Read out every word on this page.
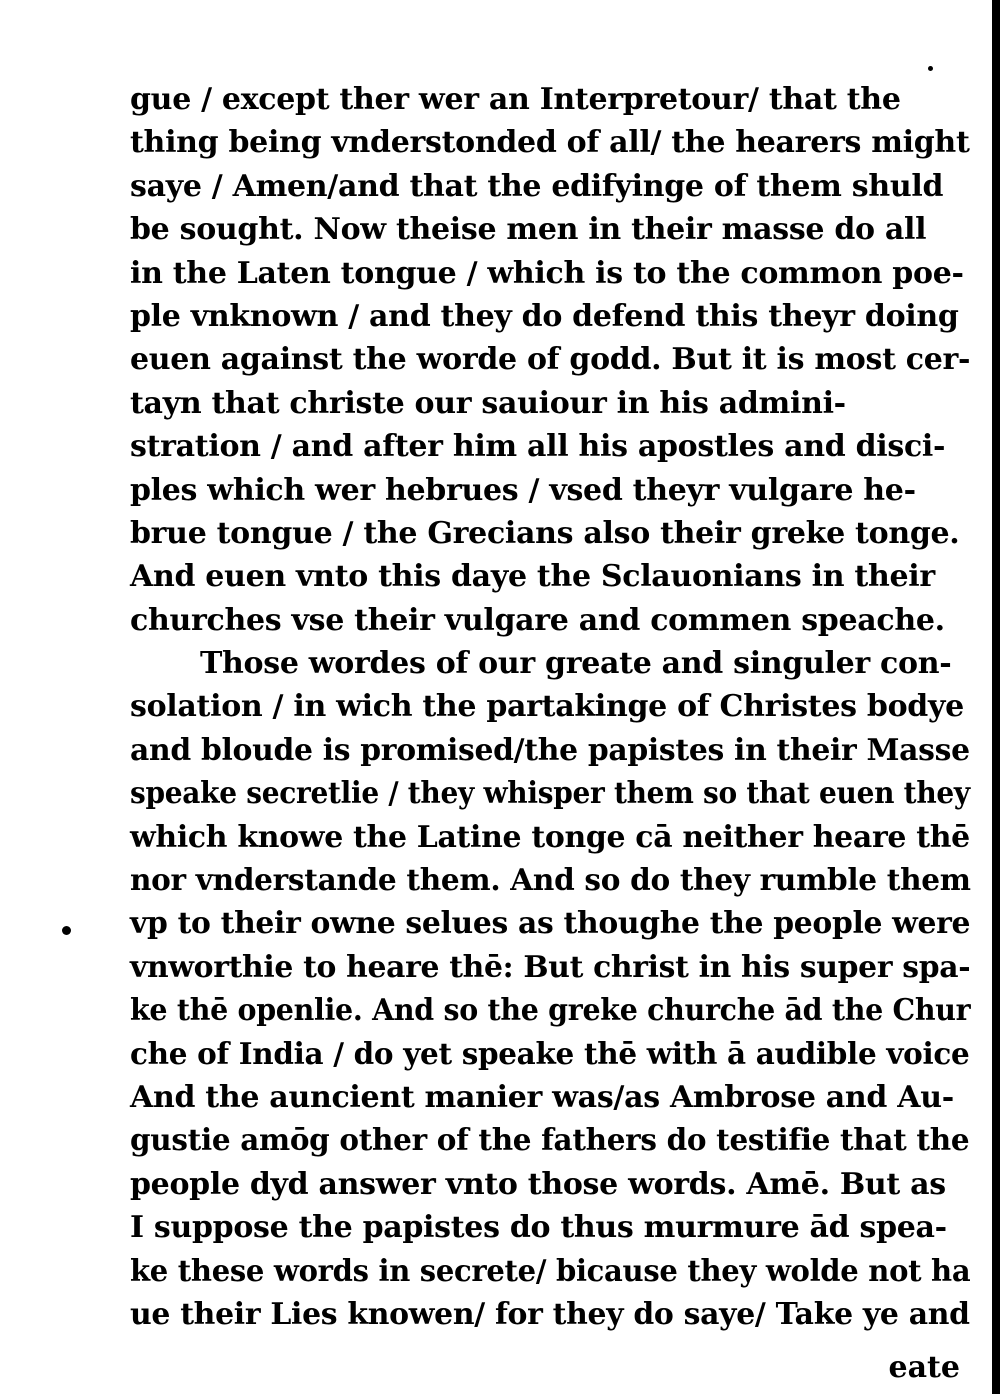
gue / except ther wer an Interpretour/ that the
thing being vnderstonded of all/ the hearers might
saye / Amen/and that the edifyinge of them shuld
be sought. Now theise men in their masse do all
in the Laten tongue / which is to the common poe-
ple vnknown / and they do defend this theyr doing
euen against the worde of godd. But it is most cer-
tayn that christe our sauiour in his admini-
stration / and after him all his apostles and disci-
ples which wer hebrues / vsed theyr vulgare he-
brue tongue / the Grecians also their greke tonge.
And euen vnto this daye the Sclauonians in their
churches vse their vulgare and commen speache.
Those wordes of our greate and singuler con-
solation / in wich the partakinge of Christes bodye
and bloude is promised/the papistes in their Masse
speake secretlie / they whisper them so that euen they
which knowe the Latine tonge cā neither heare thē
nor vnderstande them. And so do they rumble them
vp to their owne selues as thoughe the people were
vnworthie to heare thē: But christ in his super spa-
ke thē openlie. And so the greke churche ād the Chur
che of India / do yet speake thē with ā audible voice
And the auncient manier was/as Ambrose and Au-
gustie amōg other of the fathers do testifie that the
people dyd answer vnto those words. Amē. But as
I suppose the papistes do thus murmure ād spea-
ke these words in secrete/ bicause they wolde not ha
ue their Lies knowen/ for they do saye/ Take ye and
eate
